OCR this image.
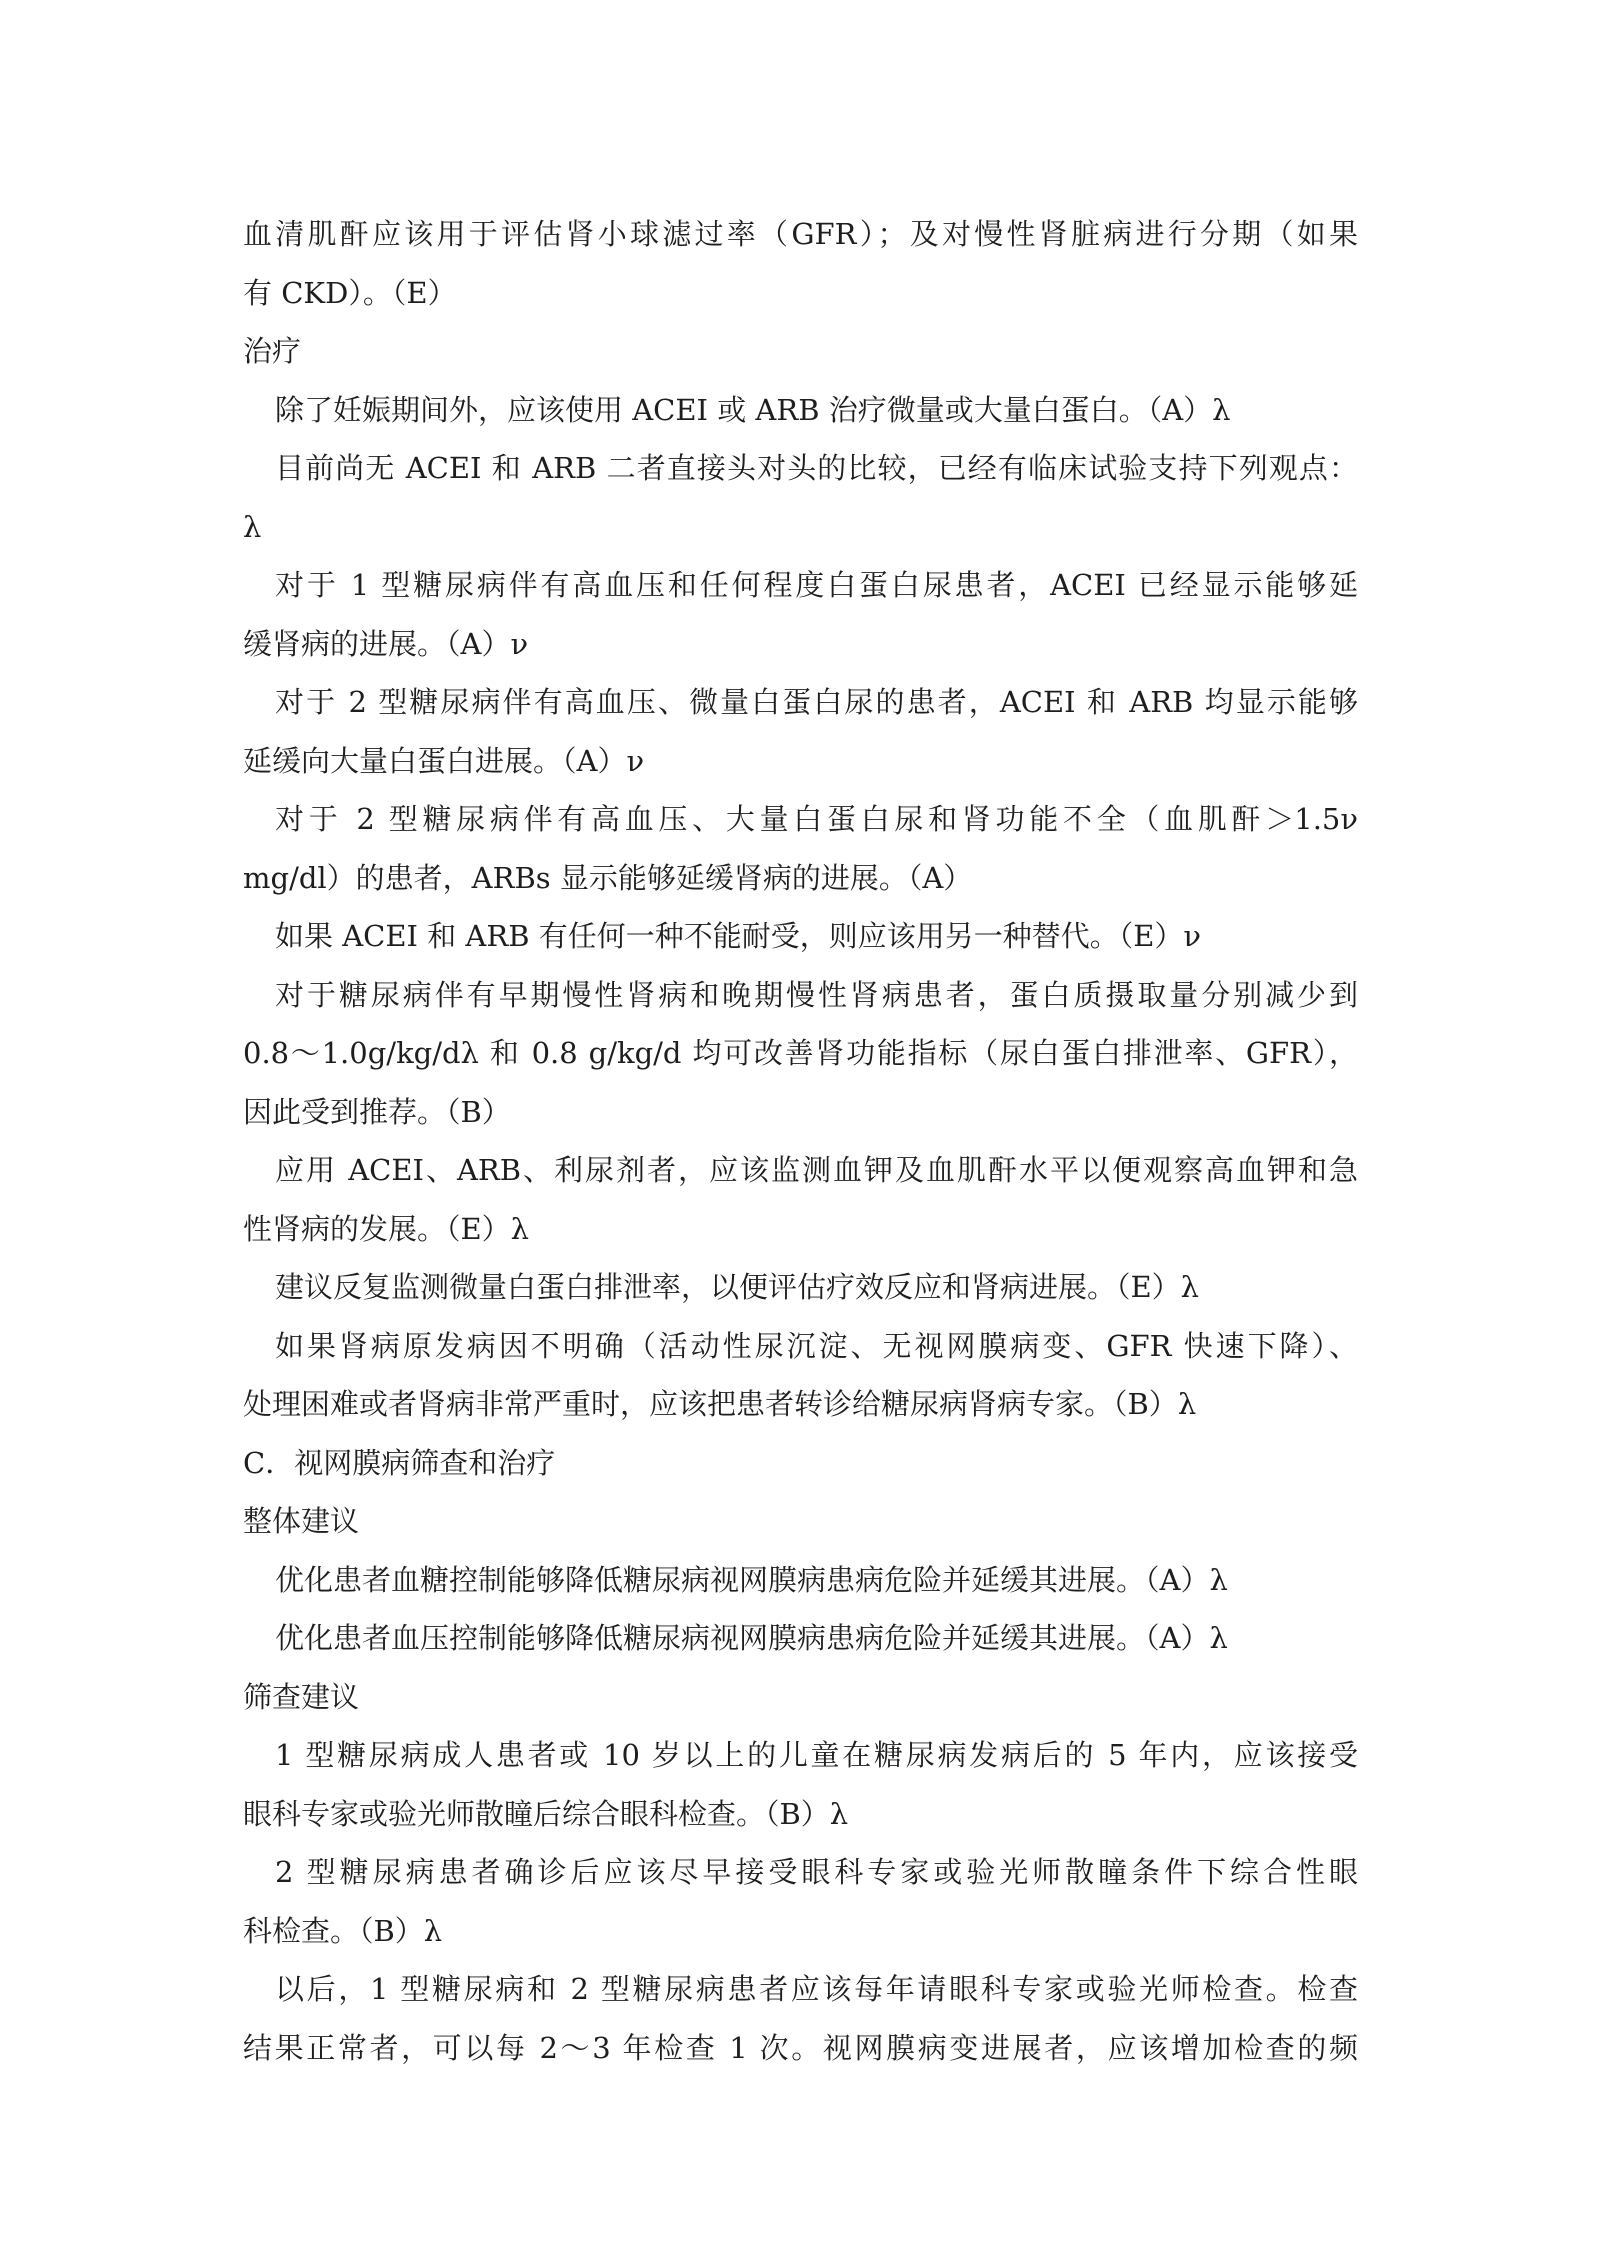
血清肌酐应该用于评估肾小球滤过率（GFR）；及对慢性肾脏病进行分期（如果
有 CKD）。（E）
治疗
除了妊娠期间外，应该使用 ACEI 或 ARB 治疗微量或大量白蛋白。（A）λ
目前尚无 ACEI 和 ARB 二者直接头对头的比较，已经有临床试验支持下列观点：
λ
对于 1 型糖尿病伴有高血压和任何程度白蛋白尿患者，ACEI 已经显示能够延
缓肾病的进展。（A）ν
对于 2 型糖尿病伴有高血压、微量白蛋白尿的患者，ACEI 和 ARB 均显示能够
延缓向大量白蛋白进展。（A）ν
对于 2 型糖尿病伴有高血压、大量白蛋白尿和肾功能不全（血肌酐＞1.5ν
mg/dl）的患者，ARBs 显示能够延缓肾病的进展。（A）
如果 ACEI 和 ARB 有任何一种不能耐受，则应该用另一种替代。（E）ν
对于糖尿病伴有早期慢性肾病和晚期慢性肾病患者，蛋白质摄取量分别减少到
0.8～1.0g/kg/dλ 和 0.8 g/kg/d 均可改善肾功能指标（尿白蛋白排泄率、GFR），
因此受到推荐。（B）
应用 ACEI、ARB、利尿剂者，应该监测血钾及血肌酐水平以便观察高血钾和急
性肾病的发展。（E）λ
建议反复监测微量白蛋白排泄率，以便评估疗效反应和肾病进展。（E）λ
如果肾病原发病因不明确（活动性尿沉淀、无视网膜病变、GFR 快速下降）、
处理困难或者肾病非常严重时，应该把患者转诊给糖尿病肾病专家。（B）λ
C．视网膜病筛查和治疗
整体建议
优化患者血糖控制能够降低糖尿病视网膜病患病危险并延缓其进展。（A）λ
优化患者血压控制能够降低糖尿病视网膜病患病危险并延缓其进展。（A）λ
筛查建议
1 型糖尿病成人患者或 10 岁以上的儿童在糖尿病发病后的 5 年内，应该接受
眼科专家或验光师散瞳后综合眼科检查。（B）λ
2 型糖尿病患者确诊后应该尽早接受眼科专家或验光师散瞳条件下综合性眼
科检查。（B）λ
以后，1 型糖尿病和 2 型糖尿病患者应该每年请眼科专家或验光师检查。检查
结果正常者，可以每 2～3 年检查 1 次。视网膜病变进展者，应该增加检查的频
